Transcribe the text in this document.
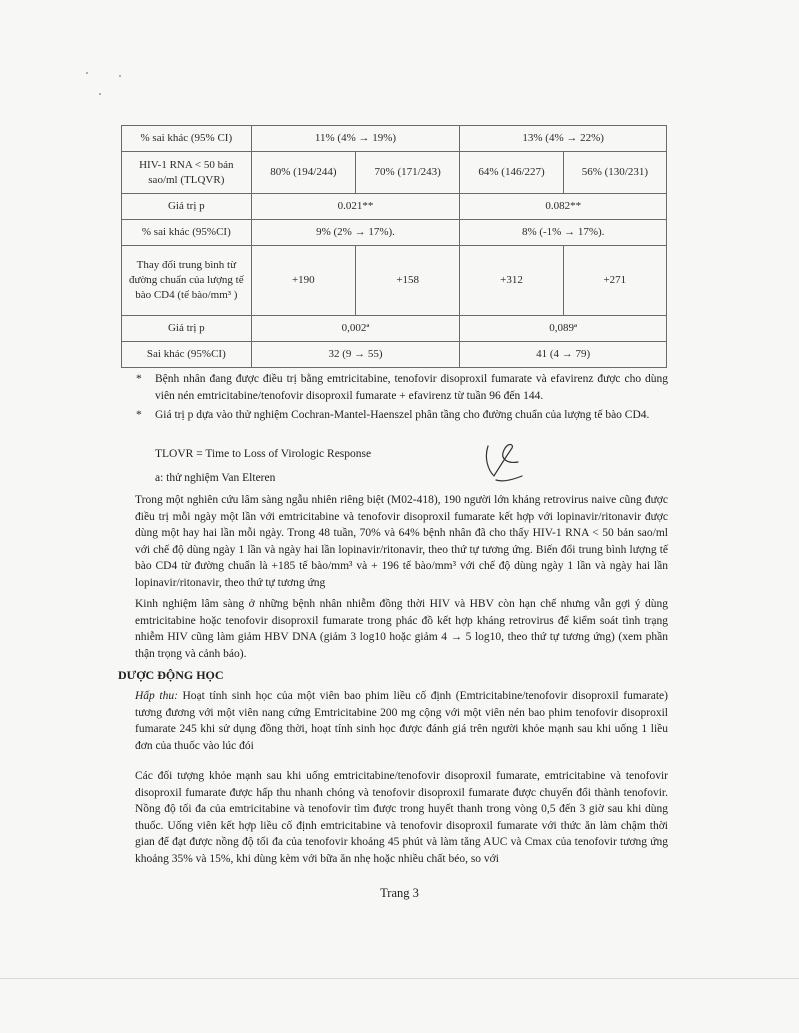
% sai khác (95% CI)	11% (4% → 19%)		13% (4% → 22%)	
HIV-1 RNA < 50 bản sao/ml (TLQVR)	80% (194/244)	70% (171/243)	64% (146/227)	56% (130/231)
Giá trị p	0.021**		0.082**	
% sai khác (95%CI)	9% (2% → 17%).		8% (-1% → 17%).	
Thay đổi trung bình từ đường chuẩn của lượng tế bào CD4 (tế bào/mm³ )	+190	+158	+312	+271
Giá trị p	0,002ª		0,089ª	
Sai khác (95%CI)	32 (9 → 55)		41 (4 → 79)	
* Bệnh nhân đang được điều trị bằng emtricitabine, tenofovir disoproxil fumarate và efavirenz được cho dùng viên nén emtricitabine/tenofovir disoproxil fumarate + efavirenz từ tuần 96 đến 144.

* Giá trị p dựa vào thử nghiệm Cochran-Mantel-Haenszel phân tầng cho đường chuẩn của lượng tế bào CD4.

TLOVR = Time to Loss of Virologic Response
a: thử nghiệm Van Elteren

Trong một nghiên cứu lâm sàng ngẫu nhiên riêng biệt (M02-418), 190 người lớn kháng retrovirus naive cũng được điều trị mỗi ngày một lần với emtricitabine và tenofovir disoproxil fumarate kết hợp với lopinavir/ritonavir được dùng một hay hai lần mỗi ngày. Trong 48 tuần, 70% và 64% bệnh nhân đã cho thấy HIV-1 RNA < 50 bản sao/ml với chế độ dùng ngày 1 lần và ngày hai lần lopinavir/ritonavir, theo thứ tự tương ứng. Biến đổi trung bình lượng tế bào CD4 từ đường chuẩn là +185 tế bào/mm³ và + 196 tế bào/mm³ với chế độ dùng ngày 1 lần và ngày hai lần lopinavir/ritonavir, theo thứ tự tương ứng

Kinh nghiệm lâm sàng ở những bệnh nhân nhiễm đồng thời HIV và HBV còn hạn chế nhưng vẫn gợi ý dùng emtricitabine hoặc tenofovir disoproxil fumarate trong phác đồ kết hợp kháng retrovirus để kiểm soát tình trạng nhiễm HIV cũng làm giảm HBV DNA (giảm 3 log10 hoặc giảm 4 → 5 log10, theo thứ tự tương ứng) (xem phần thận trọng và cảnh báo).

DƯỢC ĐỘNG HỌC

Hấp thu: Hoạt tính sinh học của một viên bao phim liều cố định (Emtricitabine/tenofovir disoproxil fumarate) tương đương với một viên nang cứng Emtricitabine 200 mg cộng với một viên nén bao phim tenofovir disoproxil fumarate 245 khi sử dụng đồng thời, hoạt tính sinh học được đánh giá trên người khỏe mạnh sau khi uống 1 liều đơn của thuốc vào lúc đói

Các đối tượng khỏe mạnh sau khi uống emtricitabine/tenofovir disoproxil fumarate, emtricitabine và tenofovir disoproxil fumarate được hấp thu nhanh chóng và tenofovir disoproxil fumarate được chuyển đổi thành tenofovir. Nồng độ tối đa của emtricitabine và tenofovir tìm được trong huyết thanh trong vòng 0,5 đến 3 giờ sau khi dùng thuốc. Uống viên kết hợp liều cố định emtricitabine và tenofovir disoproxil fumarate với thức ăn làm chậm thời gian để đạt được nồng độ tối đa của tenofovir khoảng 45 phút và làm tăng AUC và Cmax của tenofovir tương ứng khoảng 35% và 15%, khi dùng kèm với bữa ăn nhẹ hoặc nhiều chất béo, so với

Trang 3
